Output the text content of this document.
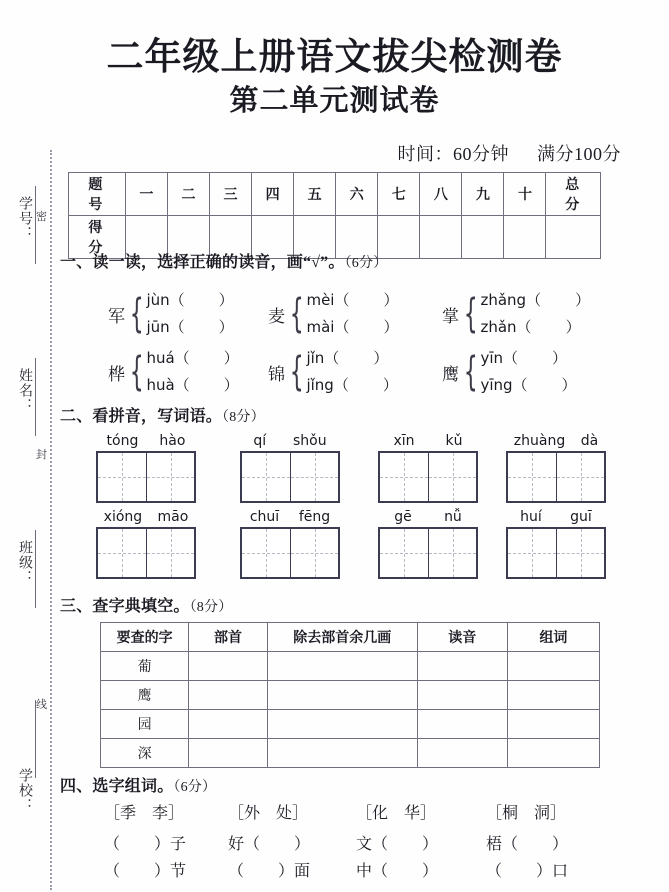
密
封
线
学号：
姓名：
班级：
学校：
二年级上册语文拔尖检测卷
第二单元测试卷
时间：60分钟 满分100分
题　号	一	二	三	四	五	六	七	八	九	十	总　分
得　分											
一、读一读，选择正确的读音，画“√”。（6分）
军 { jùn（ ）
jūn（ ）
麦 { mèi（ ）
mài（ ）
掌 { zhǎng（ ）
zhǎn（ ）
桦 { huá（ ）
huà（ ）
锦 { jǐn（ ）
jǐng（ ）
鹰 { yīn（ ）
yīng（ ）
二、看拼音，写词语。（8分）
tóng hào	qí shǒu	xīn kǔ	zhuàng dà
xióng māo	chuī fēng	gē nǚ	huí guī
三、查字典填空。（8分）
要查的字	部首	除去部首余几画	读音	组词
葡				
鹰				
园				
深				
四、选字组词。（6分）
［季 李］
（ ）子
（ ）节
［外 处］
好（ ）
（ ）面
［化 华］
文（ ）
中（ ）
［桐 洞］
梧（ ）
（ ）口
